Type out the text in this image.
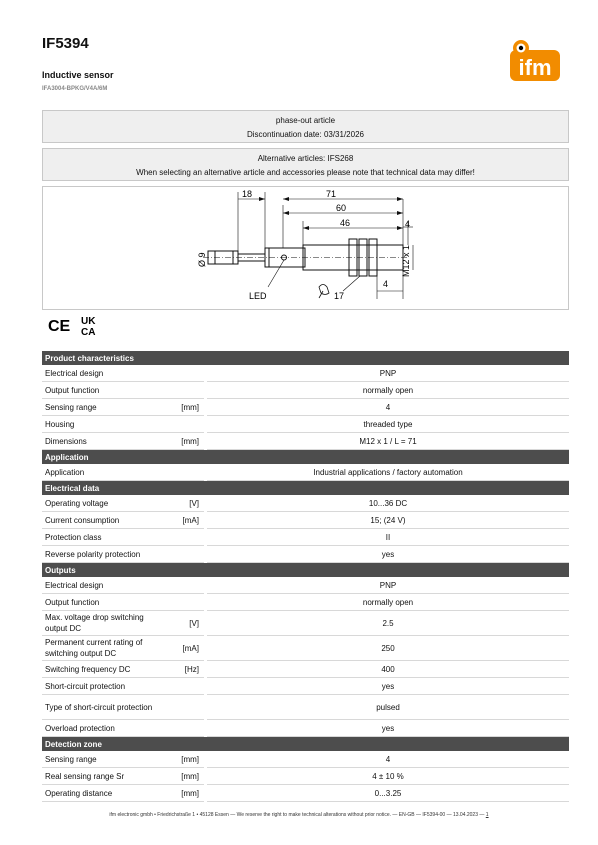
IF5394
Inductive sensor
IFA3004-BPKG/V4A/6M
ifm
phase-out article
Discontinuation date: 03/31/2026
Alternative articles: IFS268
When selecting an alternative article and accessories please note that technical data may differ!
18	71
60
46	4
Ø 9	M12 x 1
LED	17
4
CE UK
CA
Product characteristics			
Electrical design			PNP
Output function			normally open
Sensing range	[mm]		4
Housing			threaded type
Dimensions	[mm]		M12 x 1 / L = 71
Application			
Application			Industrial applications / factory automation
Electrical data			
Operating voltage	[V]		10...36 DC
Current consumption	[mA]		15; (24 V)
Protection class			II
Reverse polarity protection			yes
Outputs			
Electrical design			PNP
Output function			normally open
Max. voltage drop switching output DC	[V]		2.5
Permanent current rating of switching output DC	[mA]		250
Switching frequency DC	[Hz]		400
Short-circuit protection			yes
Type of short-circuit protection			pulsed
Overload protection			yes
Detection zone			
Sensing range	[mm]		4
Real sensing range Sr	[mm]		4 ± 10 %
Operating distance	[mm]		0...3.25
ifm electronic gmbh • Friedrichstraße 1 • 45128 Essen — We reserve the right to make technical alterations without prior notice. — EN-GB — IF5394-00 — 13.04.2023 — 1
